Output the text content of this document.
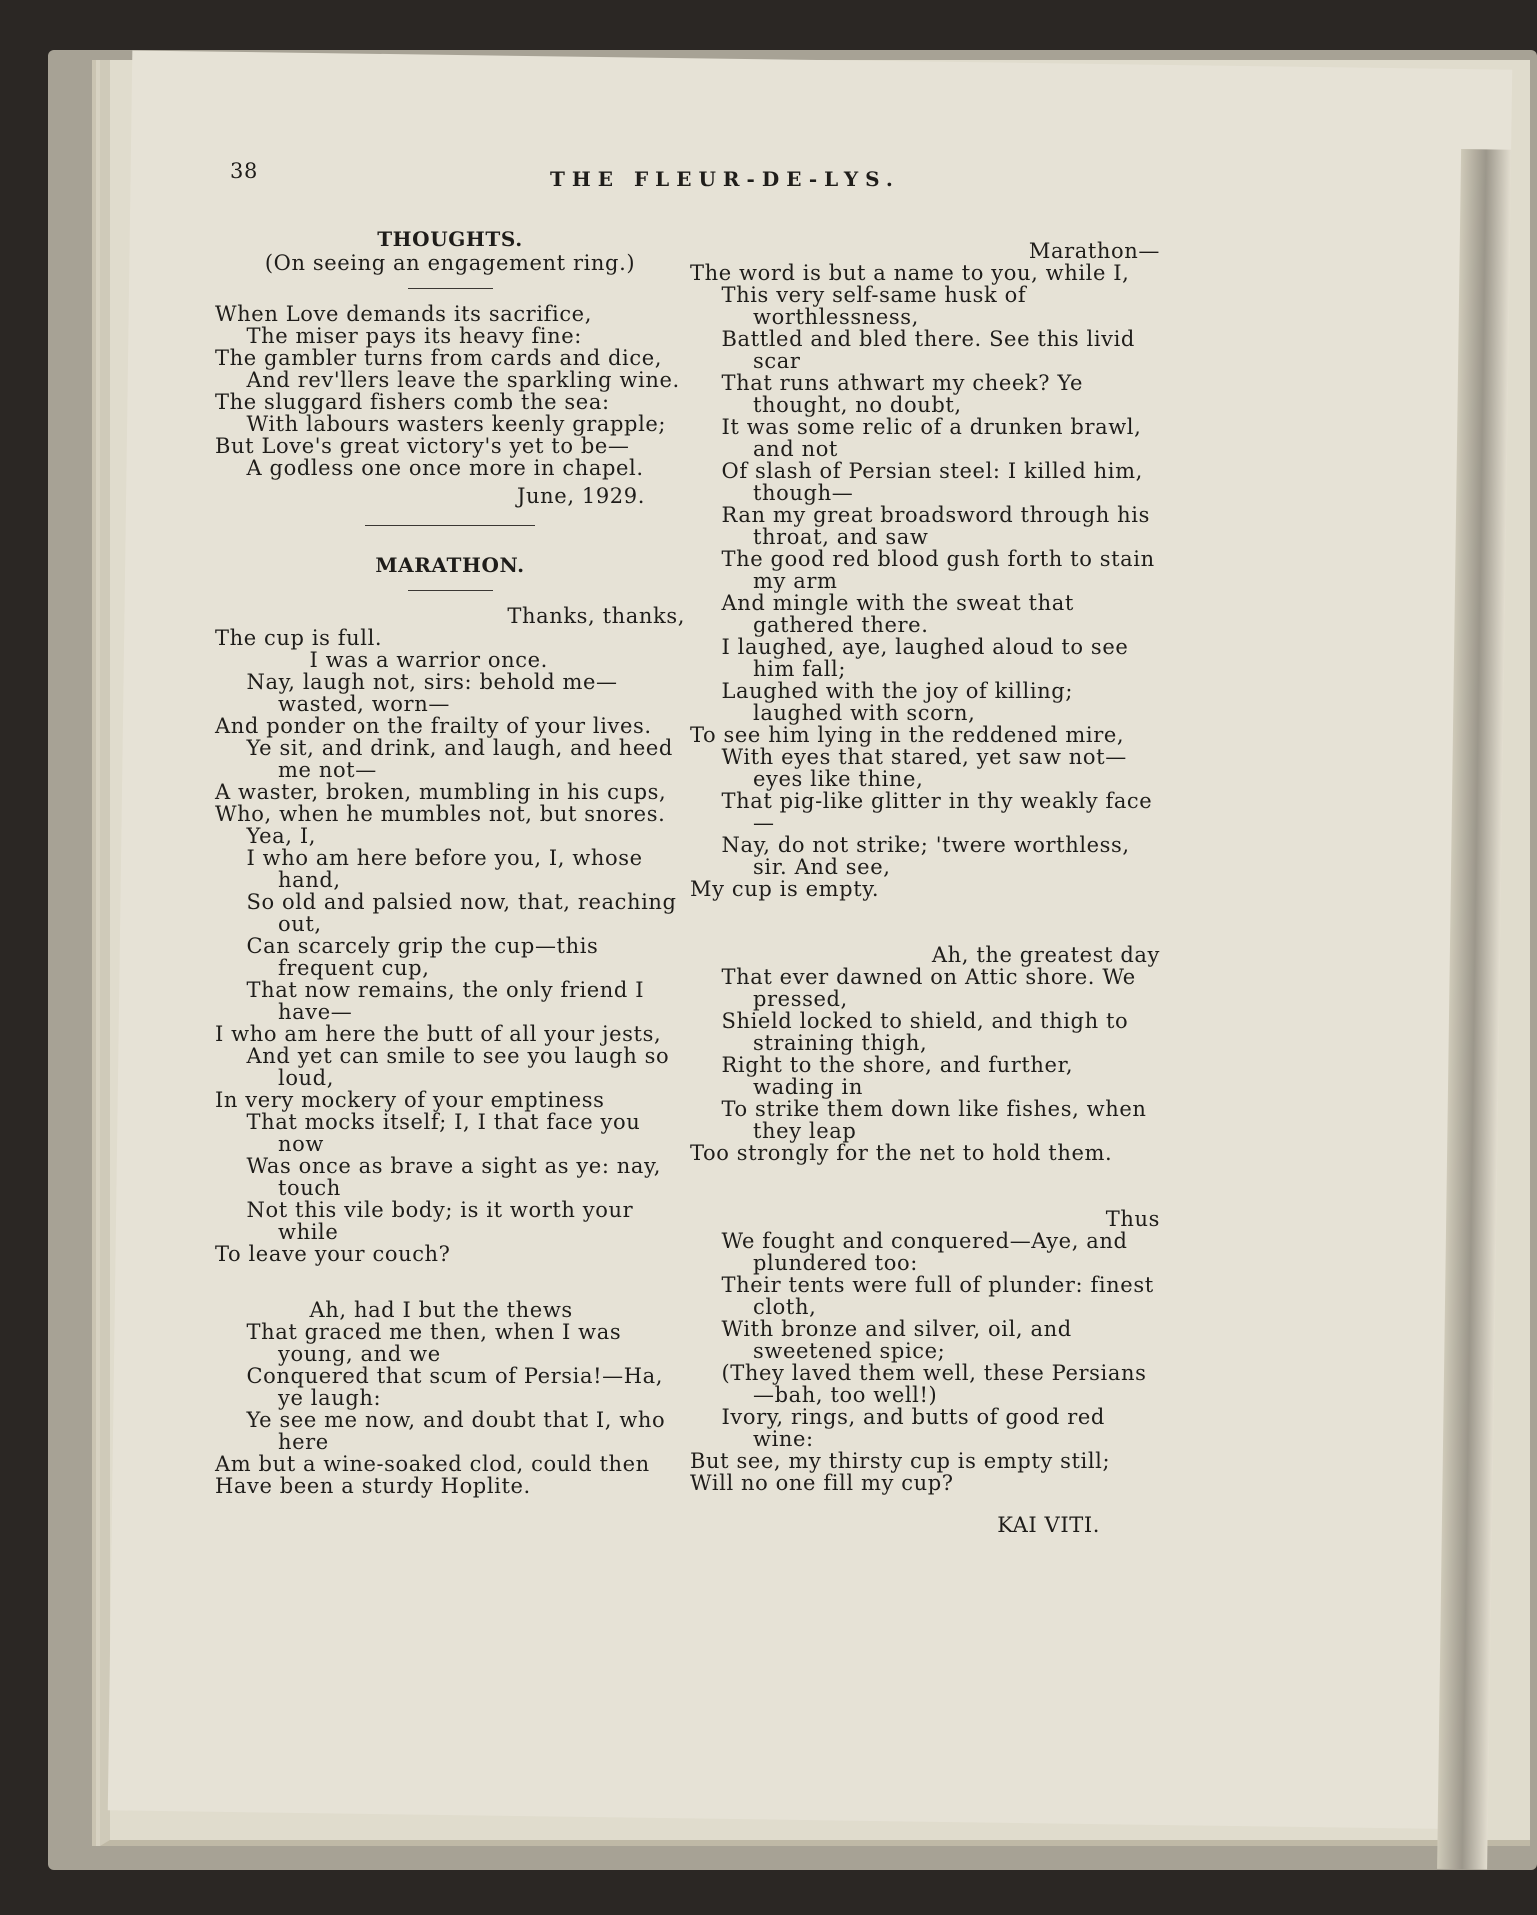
38	THE FLEUR-DE-LYS.
THOUGHTS.
(On seeing an engagement ring.)

When Love demands its sacrifice,

The miser pays its heavy fine:

The gambler turns from cards and dice,

And rev'llers leave the sparkling wine.

The sluggard fishers comb the sea:

With labours wasters keenly grapple;

But Love's great victory's yet to be—

A godless one once more in chapel.

June, 1929.
MARATHON.

Thanks, thanks,

The cup is full.

I was a warrior once.

Nay, laugh not, sirs: behold me—wasted, worn—

And ponder on the frailty of your lives.

Ye sit, and drink, and laugh, and heed me not—

A waster, broken, mumbling in his cups,

Who, when he mumbles not, but snores.

Yea, I,

I who am here before you, I, whose hand,

So old and palsied now, that, reaching out,

Can scarcely grip the cup—this frequent cup,

That now remains, the only friend I have—

I who am here the butt of all your jests,

And yet can smile to see you laugh so loud,

In very mockery of your emptiness

That mocks itself; I, I that face you now

Was once as brave a sight as ye: nay, touch

Not this vile body; is it worth your while

To leave your couch?

Ah, had I but the thews

That graced me then, when I was young, and we

Conquered that scum of Persia!—Ha, ye laugh:

Ye see me now, and doubt that I, who here

Am but a wine-soaked clod, could then

Have been a sturdy Hoplite.

Marathon—

The word is but a name to you, while I,

This very self-same husk of worthlessness,

Battled and bled there. See this livid scar

That runs athwart my cheek? Ye thought, no doubt,

It was some relic of a drunken brawl, and not

Of slash of Persian steel: I killed him, though—

Ran my great broadsword through his throat, and saw

The good red blood gush forth to stain my arm

And mingle with the sweat that gathered there.

I laughed, aye, laughed aloud to see him fall;

Laughed with the joy of killing; laughed with scorn,

To see him lying in the reddened mire,

With eyes that stared, yet saw not—eyes like thine,

That pig-like glitter in thy weakly face—

Nay, do not strike; 'twere worthless, sir. And see,

My cup is empty.

Ah, the greatest day

That ever dawned on Attic shore. We pressed,

Shield locked to shield, and thigh to straining thigh,

Right to the shore, and further, wading in

To strike them down like fishes, when they leap

Too strongly for the net to hold them.

Thus

We fought and conquered—Aye, and plundered too:

Their tents were full of plunder: finest cloth,

With bronze and silver, oil, and sweetened spice;

(They laved them well, these Persians—bah, too well!)

Ivory, rings, and butts of good red wine:

But see, my thirsty cup is empty still;

Will no one fill my cup?

KAI VITI.
